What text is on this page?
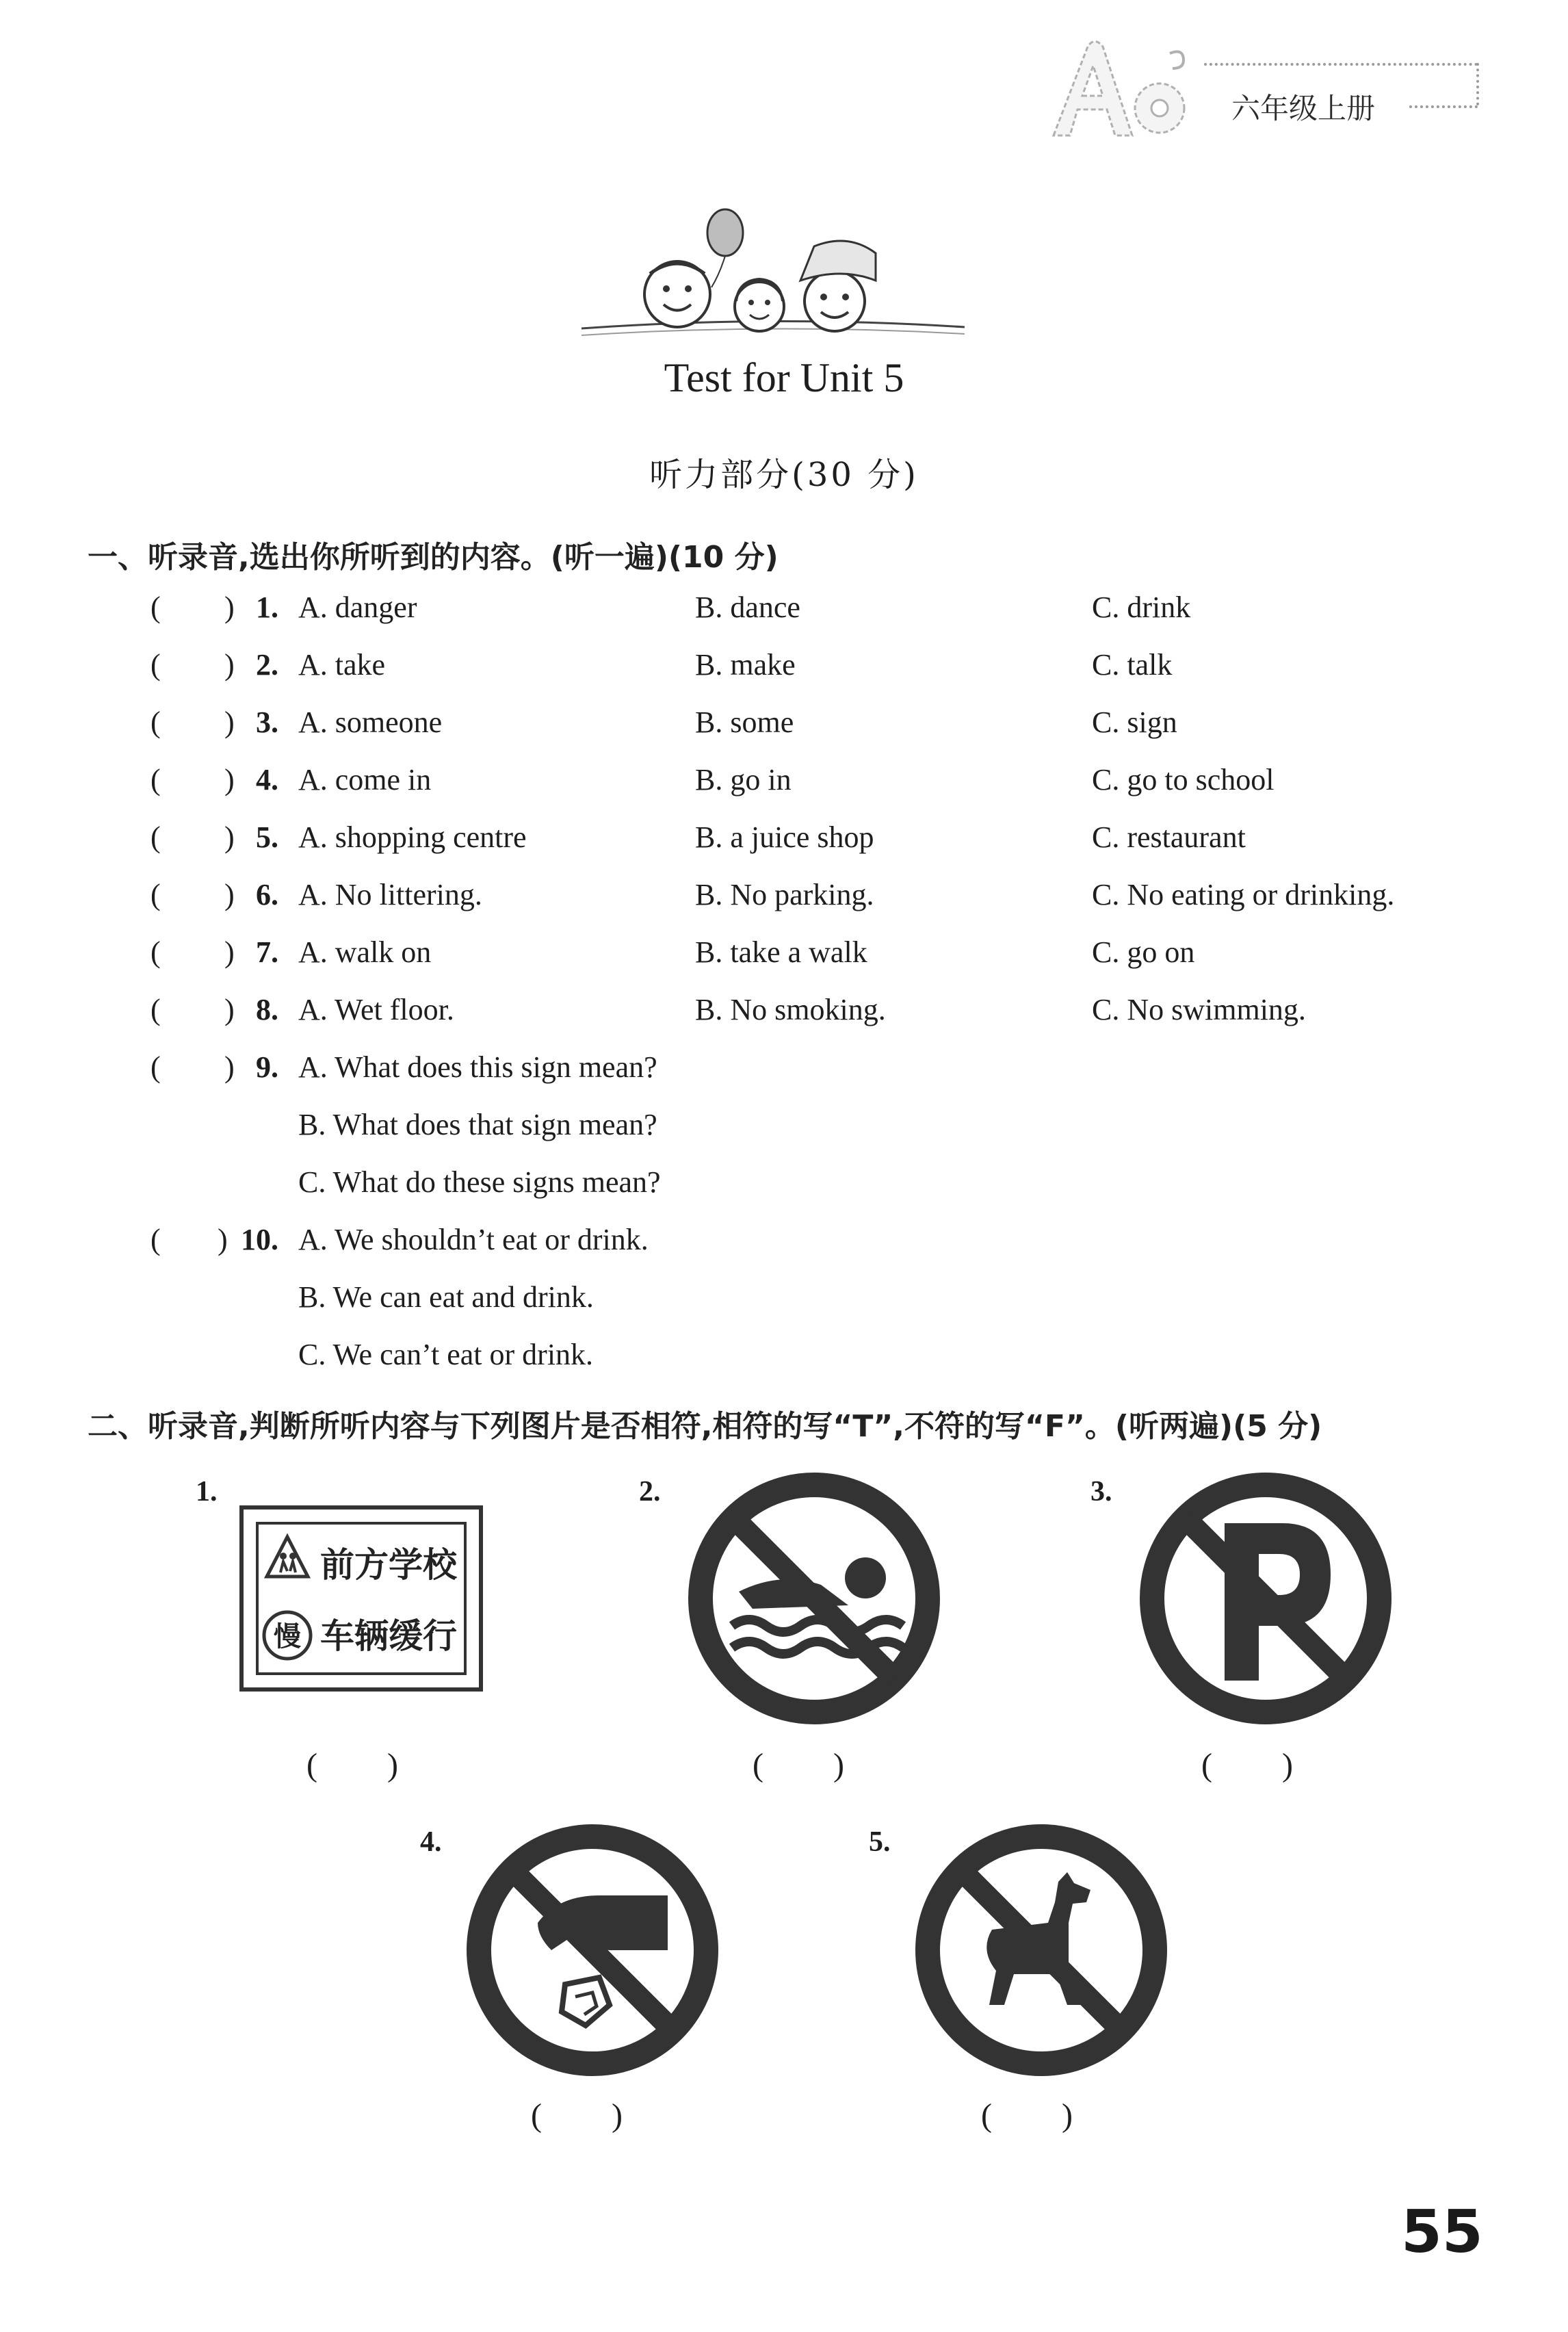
六年级上册
Test for Unit 5
听力部分(30 分)
一、听录音,选出你所听到的内容。(听一遍)(10 分)
( ) 1. A. danger	B. dance	C. drink
( ) 2. A. take	B. make	C. talk
( ) 3. A. someone	B. some	C. sign
( ) 4. A. come in	B. go in	C. go to school
( ) 5. A. shopping centre	B. a juice shop	C. restaurant
( ) 6. A. No littering.	B. No parking.	C. No eating or drinking.
( ) 7. A. walk on	B. take a walk	C. go on
( ) 8. A. Wet floor.	B. No smoking.	C. No swimming.
( ) 9. A. What does this sign mean?
B. What does that sign mean?
C. What do these signs mean?
( ) 10. A. We shouldn’t eat or drink.
B. We can eat and drink.
C. We can’t eat or drink.
二、听录音,判断所听内容与下列图片是否相符,相符的写“T”,不符的写“F”。(听两遍)(5 分)
1.
慢
前方学校
车辆缓行
(　　)
2.
(　　)
3.
(　　)
4.
(　　)
5.
(　　)
55
